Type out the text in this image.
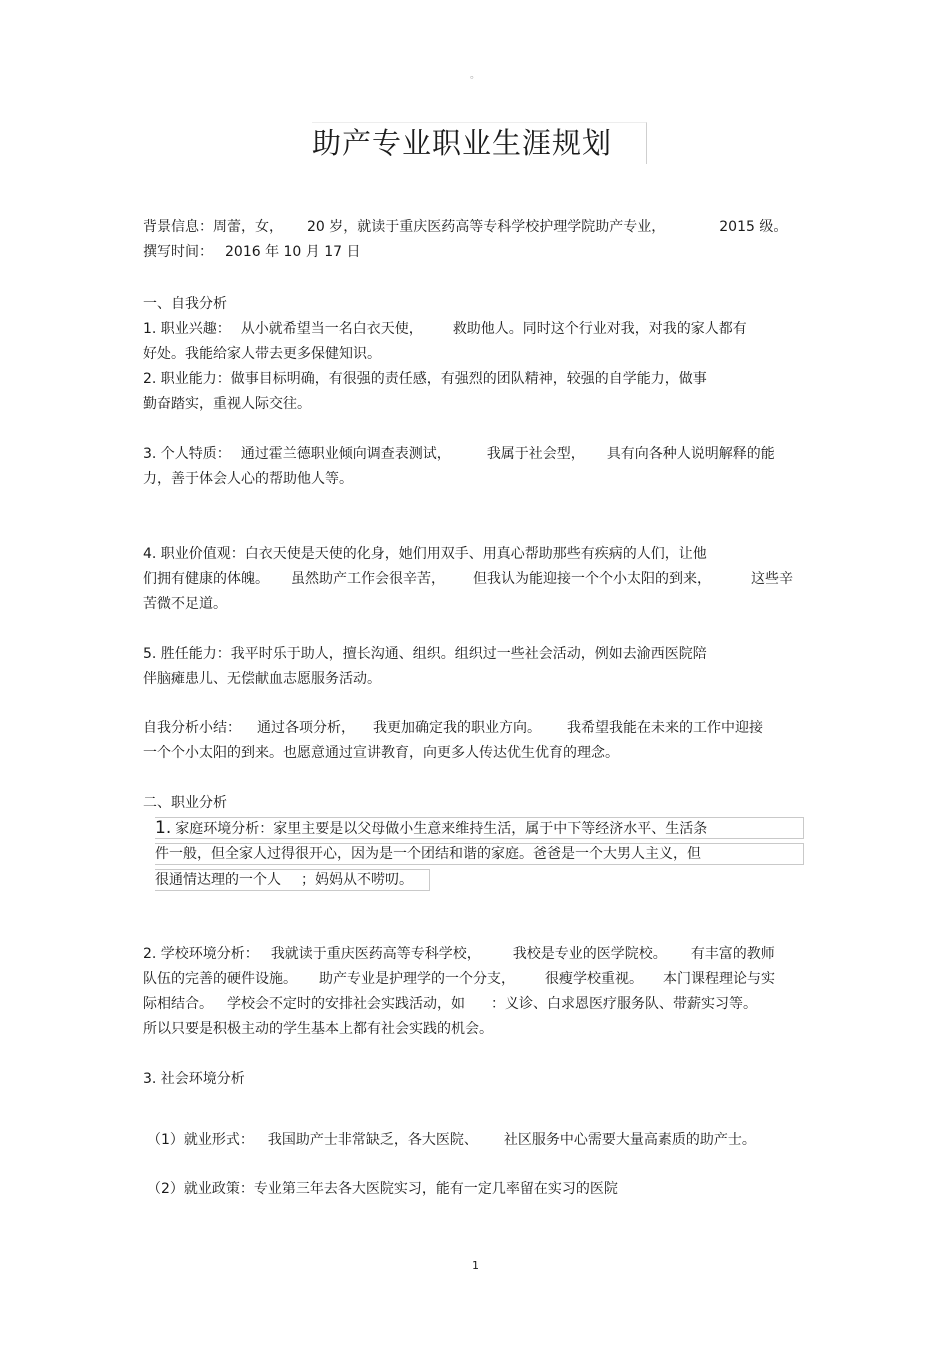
。
助产专业职业生涯规划
背景信息：周蕾，女， 20 岁，就读于重庆医药高等专科学校护理学院助产专业，	2015 级。
撰写时间： 2016 年 10 月 17 日
一、自我分析
1. 职业兴趣： 从小就希望当一名白衣天使， 救助他人。同时这个行业对我，对我的家人都有
好处。我能给家人带去更多保健知识。
2. 职业能力：做事目标明确，有很强的责任感，有强烈的团队精神，较强的自学能力，做事
勤奋踏实，重视人际交往。
3. 个人特质： 通过霍兰德职业倾向调查表测试，	我属于社会型， 具有向各种人说明解释的能
力，善于体会人心的帮助他人等。
4. 职业价值观：白衣天使是天使的化身，她们用双手、用真心帮助那些有疾病的人们，让他
们拥有健康的体魄。 虽然助产工作会很辛苦， 但我认为能迎接一个个小太阳的到来，	这些辛
苦微不足道。
5. 胜任能力：我平时乐于助人，擅长沟通、组织。组织过一些社会活动，例如去渝西医院陪
伴脑瘫患儿、无偿献血志愿服务活动。
自我分析小结： 通过各项分析， 我更加确定我的职业方向。 我希望我能在未来的工作中迎接
一个个小太阳的到来。也愿意通过宣讲教育，向更多人传达优生优育的理念。
二、职业分析
1. 家庭环境分析：家里主要是以父母做小生意来维持生活，属于中下等经济水平、生活条
件一般，但全家人过得很开心，因为是一个团结和谐的家庭。爸爸是一个大男人主义，但
很通情达理的一个人 ；妈妈从不唠叨。
2. 学校环境分析： 我就读于重庆医药高等专科学校， 我校是专业的医学院校。 有丰富的教师
队伍的完善的硬件设施。 助产专业是护理学的一个分支， 很瘦学校重视。 本门课程理论与实
际相结合。 学校会不定时的安排社会实践活动，如 ：义诊、白求恩医疗服务队、带薪实习等。
所以只要是积极主动的学生基本上都有社会实践的机会。
3. 社会环境分析
（1）就业形式： 我国助产士非常缺乏，各大医院、 社区服务中心需要大量高素质的助产士。
（2）就业政策：专业第三年去各大医院实习，能有一定几率留在实习的医院
1
